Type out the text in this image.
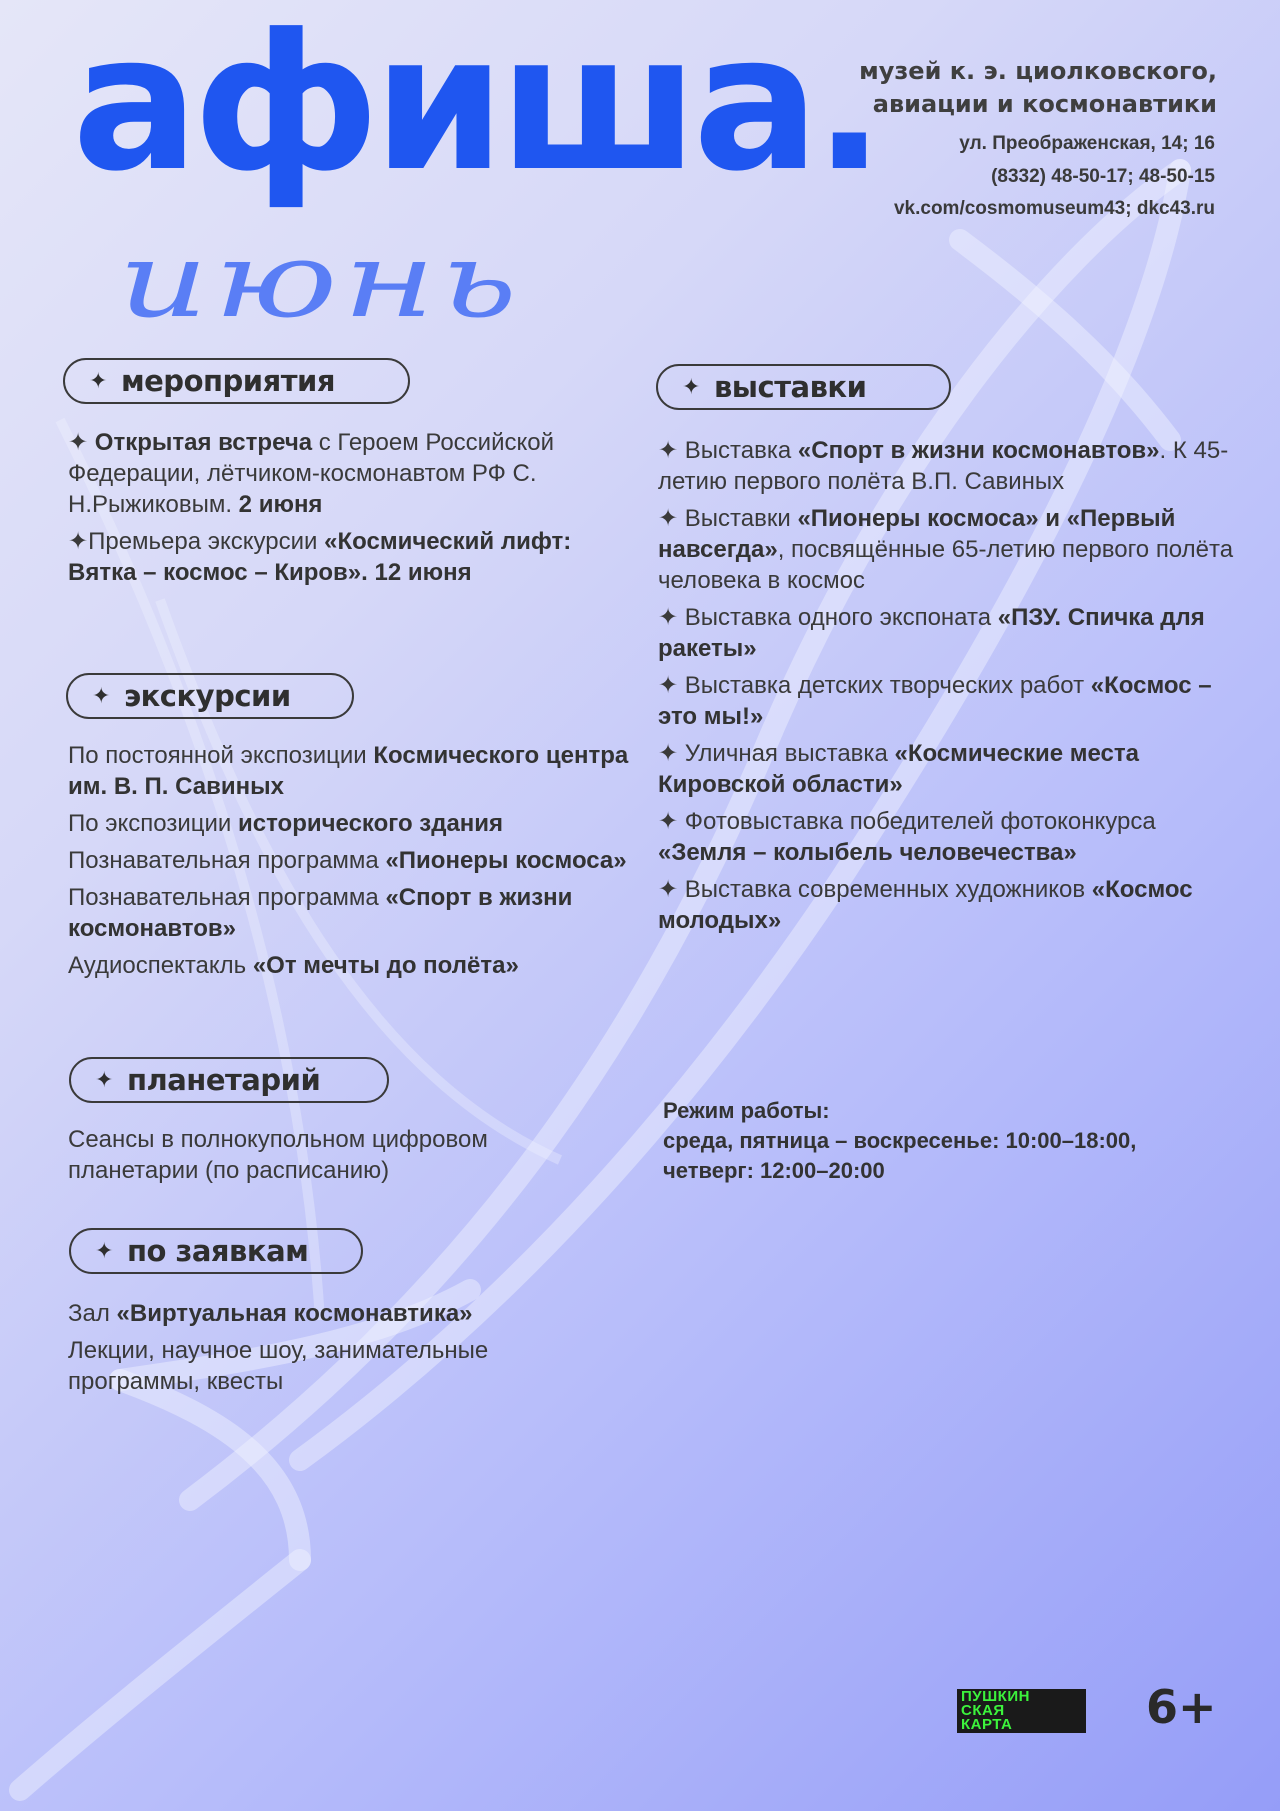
афиша.
июнь
музей к. э. циолковского,
авиации и космонавтики
ул. Преображенская, 14; 16
(8332) 48-50-17; 48-50-15
vk.com/cosmomuseum43; dkc43.ru
✦ мероприятия

✦ Открытая встреча с Героем Российской Федерации, лётчиком-космонавтом РФ С. Н.Рыжиковым. 2 июня

✦Премьера экскурсии «Космический лифт: Вятка – космос – Киров». 12 июня

✦ экскурсии

По постоянной экспозиции Космического центра им. В. П. Савиных

По экспозиции исторического здания

Познавательная программа «Пионеры космоса»

Познавательная программа «Спорт в жизни космонавтов»

Аудиоспектакль «От мечты до полёта»

✦ планетарий

Сеансы в полнокупольном цифровом планетарии (по расписанию)

✦ по заявкам

Зал «Виртуальная космонавтика»

Лекции, научное шоу, занимательные программы, квесты

✦ выставки

✦ Выставка «Спорт в жизни космонавтов». К 45-летию первого полёта В.П. Савиных

✦ Выставки «Пионеры космоса» и «Первый навсегда», посвящённые 65-летию первого полёта человека в космос

✦ Выставка одного экспоната «ПЗУ. Спичка для ракеты»

✦ Выставка детских творческих работ «Космос – это мы!»

✦ Уличная выставка «Космические места Кировской области»

✦ Фотовыставка победителей фотоконкурса «Земля – колыбель человечества»

✦ Выставка современных художников «Космос молодых»

Режим работы:
среда, пятница – воскресенье: 10:00–18:00,
четверг: 12:00–20:00
ПУШКИН
СКАЯ
КАРТА	6+
